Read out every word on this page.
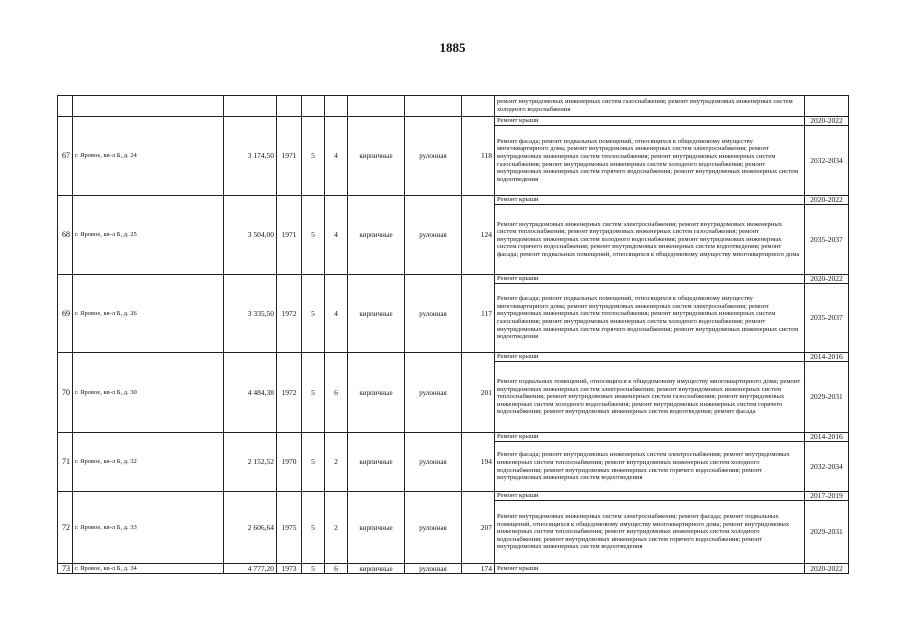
1885
									ремонт внутридомовых инженерных систем газоснабжения; ремонт внутридомовых инженерных систем холодного водоснабжения	
67	г. Яровое, кв-л Б, д. 24	3 174,50	1971	5	4	кирпичные	рулонная	118	Ремонт крыши	2020-2022
									Ремонт фасада; ремонт подвальных помещений, относящихся к общедомовому имуществу многоквартирного дома; ремонт внутридомовых инженерных систем электроснабжения; ремонт внутридомовых инженерных систем теплоснабжения; ремонт внутридомовых инженерных систем газоснабжения; ремонт внутридомовых инженерных систем холодного водоснабжения; ремонт внутридомовых инженерных систем горячего водоснабжения; ремонт внутридомовых инженерных систем водоотведения	2032-2034
68	г. Яровое, кв-л Б, д. 25	3 504,00	1971	5	4	кирпичные	рулонная	124	Ремонт крыши	2020-2022
									Ремонт внутридомовых инженерных систем электроснабжения; ремонт внутридомовых инженерных систем теплоснабжения; ремонт внутридомовых инженерных систем газоснабжения; ремонт внутридомовых инженерных систем холодного водоснабжения; ремонт внутридомовых инженерных систем горячего водоснабжения; ремонт внутридомовых инженерных систем водоотведения; ремонт фасада; ремонт подвальных помещений, относящихся к общедомовому имуществу многоквартирного дома	2035-2037
69	г. Яровое, кв-л Б, д. 26	3 335,50	1972	5	4	кирпичные	рулонная	117	Ремонт крыши	2020-2022
									Ремонт фасада; ремонт подвальных помещений, относящихся к общедомовому имуществу многоквартирного дома; ремонт внутридомовых инженерных систем электроснабжения; ремонт внутридомовых инженерных систем теплоснабжения; ремонт внутридомовых инженерных систем газоснабжения; ремонт внутридомовых инженерных систем холодного водоснабжения; ремонт внутридомовых инженерных систем горячего водоснабжения; ремонт внутридомовых инженерных систем водоотведения	2035-2037
70	г. Яровое, кв-л Б, д. 30	4 484,38	1972	5	6	кирпичные	рулонная	201	Ремонт крыши	2014-2016
									Ремонт подвальных помещений, относящихся к общедомовому имуществу многоквартирного дома; ремонт внутридомовых инженерных систем электроснабжения; ремонт внутридомовых инженерных систем теплоснабжения; ремонт внутридомовых инженерных систем газоснабжения; ремонт внутридомовых инженерных систем холодного водоснабжения; ремонт внутридомовых инженерных систем горячего водоснабжения; ремонт внутридомовых инженерных систем водоотведения; ремонт фасада	2029-2031
71	г. Яровое, кв-л Б, д. 32	2 152,52	1970	5	2	кирпичные	рулонная	194	Ремонт крыши	2014-2016
									Ремонт фасада; ремонт внутридомовых инженерных систем электроснабжения; ремонт внутридомовых инженерных систем теплоснабжения; ремонт внутридомовых инженерных систем холодного водоснабжения; ремонт внутридомовых инженерных систем горячего водоснабжения; ремонт внутридомовых инженерных систем водоотведения	2032-2034
72	г. Яровое, кв-л Б, д. 33	2 606,64	1975	5	2	кирпичные	рулонная	207	Ремонт крыши	2017-2019
									Ремонт внутридомовых инженерных систем электроснабжения; ремонт фасада; ремонт подвальных помещений, относящихся к общедомовому имуществу многоквартирного дома; ремонт внутридомовых инженерных систем теплоснабжения; ремонт внутридомовых инженерных систем холодного водоснабжения; ремонт внутридомовых инженерных систем горячего водоснабжения; ремонт внутридомовых инженерных систем водоотведения	2029-2031
73	г. Яровое, кв-л Б, д. 34	4 777,20	1973	5	6	кирпичные	рулонная	174	Ремонт крыши	2020-2022
